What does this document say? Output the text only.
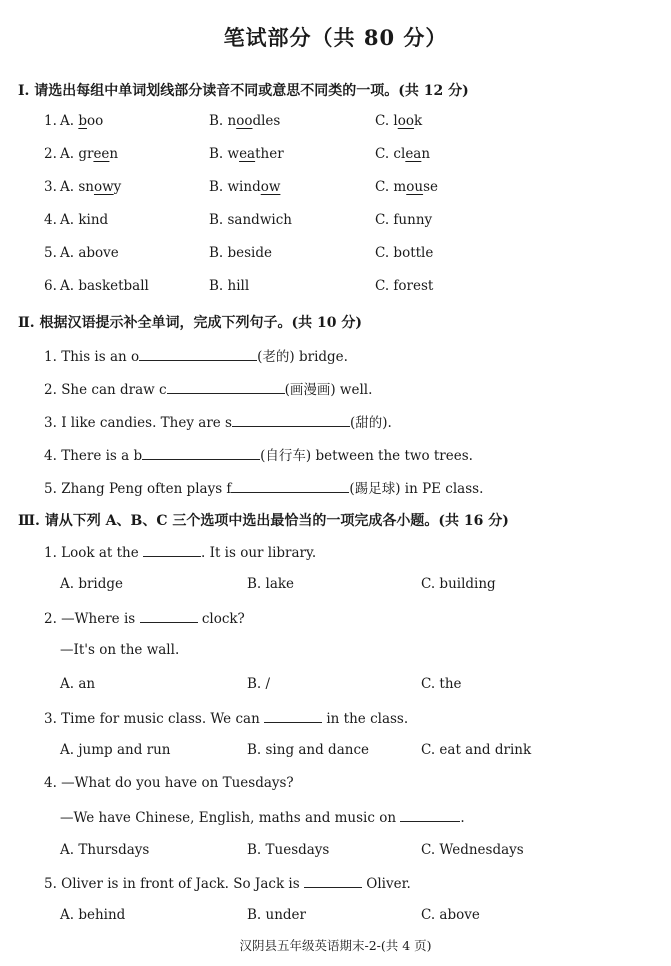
笔试部分（共 80 分）
Ⅰ. 请选出每组中单词划线部分读音不同或意思不同类的一项。(共 12 分)
1. A. boo	B. noodles	C. look
2. A. green	B. weather	C. clean
3. A. snowy	B. window	C. mouse
4. A. kind	B. sandwich	C. funny
5. A. above	B. beside	C. bottle
6. A. basketball	B. hill	C. forest
Ⅱ. 根据汉语提示补全单词，完成下列句子。(共 10 分)
1. This is an o	(老的) bridge.
2. She can draw c	(画漫画) well.
3. I like candies. They are s	(甜的).
4. There is a b	(自行车) between the two trees.
5. Zhang Peng often plays f	(踢足球) in PE class.
Ⅲ. 请从下列 A、B、C 三个选项中选出最恰当的一项完成各小题。(共 16 分)
1. Look at the	. It is our library.
A. bridge	B. lake	C. building
2. —Where is	clock?
—It's on the wall.
A. an	B. /	C. the
3. Time for music class. We can	in the class.
A. jump and run	B. sing and dance	C. eat and drink
4. —What do you have on Tuesdays?
—We have Chinese, English, maths and music on	.
A. Thursdays	B. Tuesdays	C. Wednesdays
5. Oliver is in front of Jack. So Jack is	Oliver.
A. behind	B. under	C. above
汉阴县五年级英语期末-2-(共 4 页)
